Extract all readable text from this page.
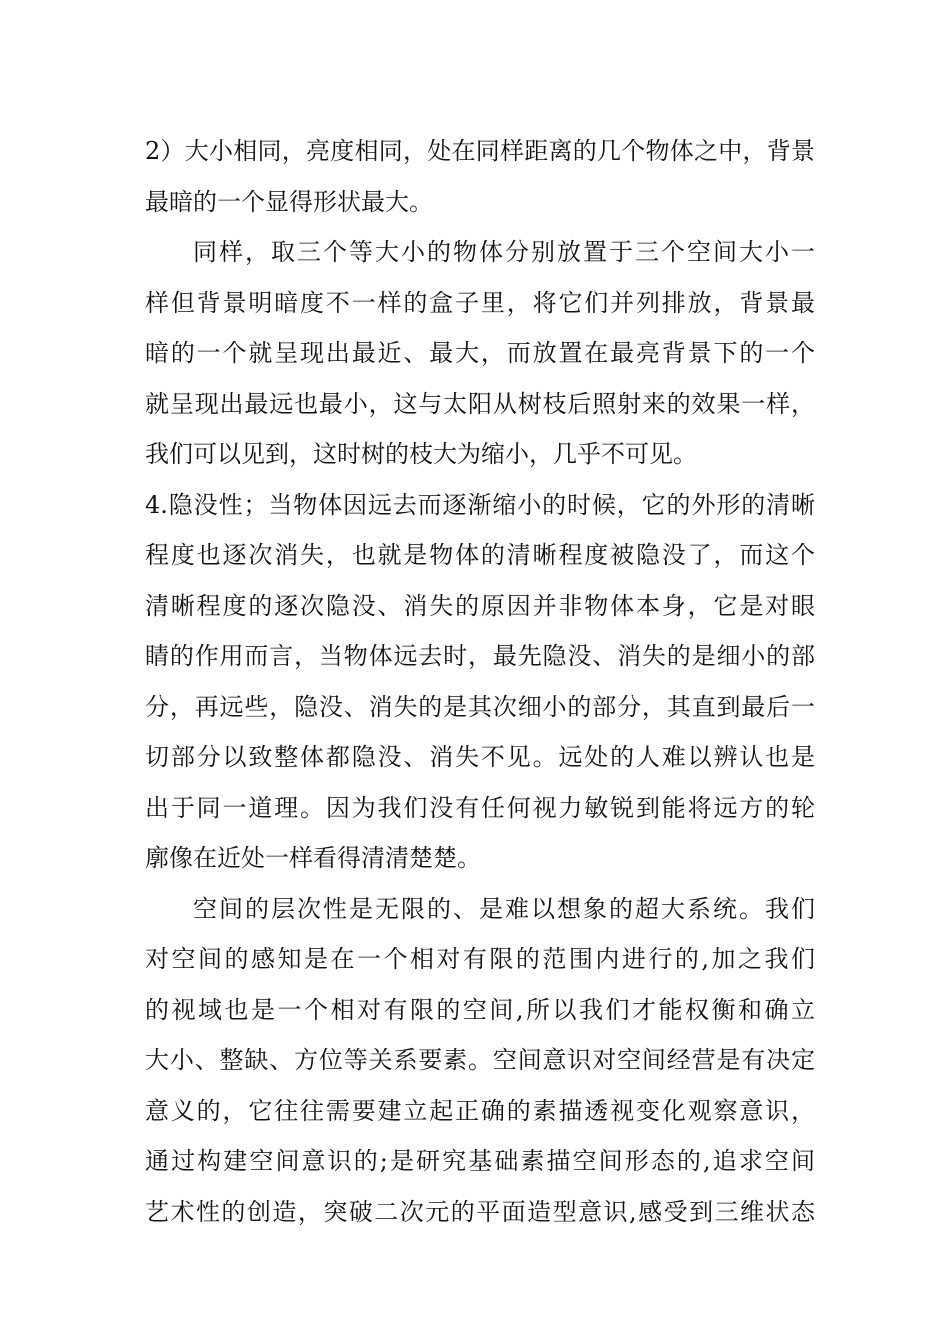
2）大小相同，亮度相同，处在同样距离的几个物体之中，背景
最暗的一个显得形状最大。
同样，取三个等大小的物体分别放置于三个空间大小一
样但背景明暗度不一样的盒子里，将它们并列排放，背景最
暗的一个就呈现出最近、最大，而放置在最亮背景下的一个
就呈现出最远也最小，这与太阳从树枝后照射来的效果一样，
我们可以见到，这时树的枝大为缩小，几乎不可见。
4.隐没性；当物体因远去而逐渐缩小的时候，它的外形的清晰
程度也逐次消失，也就是物体的清晰程度被隐没了，而这个
清晰程度的逐次隐没、消失的原因并非物体本身，它是对眼
睛的作用而言，当物体远去时，最先隐没、消失的是细小的部
分，再远些，隐没、消失的是其次细小的部分，其直到最后一
切部分以致整体都隐没、消失不见。远处的人难以辨认也是
出于同一道理。因为我们没有任何视力敏锐到能将远方的轮
廓像在近处一样看得清清楚楚。
空间的层次性是无限的、是难以想象的超大系统。我们
对空间的感知是在一个相对有限的范围内进行的,加之我们
的视域也是一个相对有限的空间,所以我们才能权衡和确立
大小、整缺、方位等关系要素。空间意识对空间经营是有决定
意义的，它往往需要建立起正确的素描透视变化观察意识，
通过构建空间意识的;是研究基础素描空间形态的,追求空间
艺术性的创造，突破二次元的平面造型意识,感受到三维状态
